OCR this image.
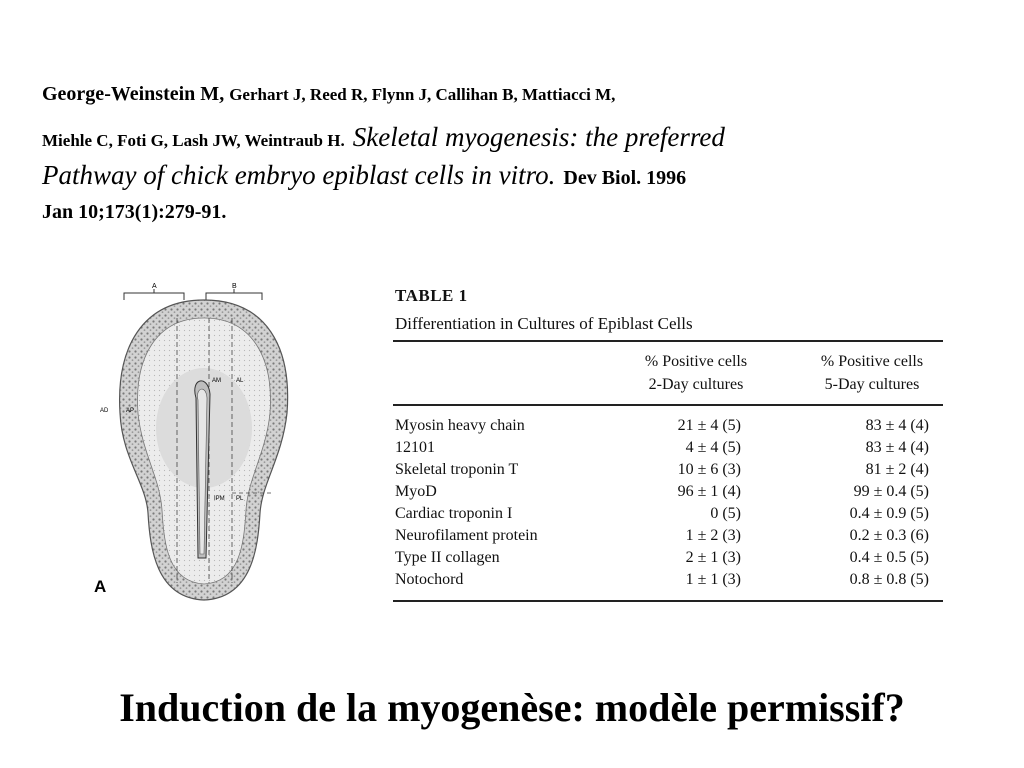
George-Weinstein M, Gerhart J, Reed R, Flynn J, Callihan B, Mattiacci M,
Miehle C, Foti G, Lash JW, Weintraub H. Skeletal myogenesis: the preferred
Pathway of chick embryo epiblast cells in vitro. Dev Biol. 1996
Jan 10;173(1):279-91.
A	B
AM	AL
AD	AP
IPM PL
A
TABLE 1
Differentiation in Cultures of Epiblast Cells
% Positive cells
2-Day cultures
% Positive cells
5-Day cultures
Myosin heavy chain	21 ± 4 (5)	83 ± 4 (4)
12101	4 ± 4 (5)	83 ± 4 (4)
Skeletal troponin T	10 ± 6 (3)	81 ± 2 (4)
MyoD	96 ± 1 (4)	99 ± 0.4 (5)
Cardiac troponin I	0 (5)	0.4 ± 0.9 (5)
Neurofilament protein	1 ± 2 (3)	0.2 ± 0.3 (6)
Type II collagen	2 ± 1 (3)	0.4 ± 0.5 (5)
Notochord	1 ± 1 (3)	0.8 ± 0.8 (5)
Induction de la myogenèse: modèle permissif?
